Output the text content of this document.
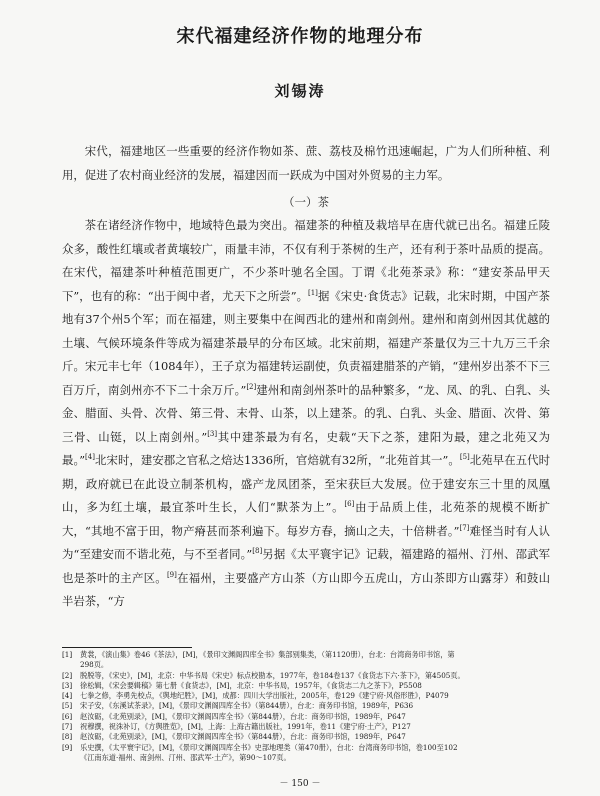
宋代福建经济作物的地理分布
刘锡涛

宋代，福建地区一些重要的经济作物如茶、蔗、荔枝及棉竹迅速崛起，广为人们所种植、利用，促进了农村商业经济的发展，福建因而一跃成为中国对外贸易的主力军。

（一）茶

茶在诸经济作物中，地域特色最为突出。福建茶的种植及栽培早在唐代就已出名。福建丘陵众多，酸性红壤或者黄壤较广，雨量丰沛，不仅有利于茶树的生产，还有利于茶叶品质的提高。在宋代，福建茶叶种植范围更广，不少茶叶驰名全国。丁谓《北苑茶录》称：“建安茶品甲天下”，也有的称：“出于闽中者，尤天下之所尝”。[1]据《宋史·食货志》记载，北宋时期，中国产茶地有37个州5个军；而在福建，则主要集中在闽西北的建州和南剑州。建州和南剑州因其优越的土壤、气候环境条件等成为福建茶最早的分布区域。北宋前期，福建产茶量仅为三十九万三千余斤。宋元丰七年（1084年），王子京为福建转运副使，负责福建腊茶的产销，“建州岁出茶不下三百万斤，南剑州亦不下二十余万斤。”[2]建州和南剑州茶叶的品种繁多，“龙、凤、的乳、白乳、头金、腊面、头骨、次骨、第三骨、末骨、山茶，以上建茶。的乳、白乳、头金、腊面、次骨、第三骨、山铤，以上南剑州。”[3]其中建茶最为有名，史载“天下之茶，建阳为最，建之北苑又为最。”[4]北宋时，建安郡之官私之焙达1336所，官焙就有32所，“北苑首其一”。[5]北苑早在五代时期，政府就已在此设立制茶机构，盛产龙凤团茶，至宋获巨大发展。位于建安东三十里的凤凰山，多为红土壤，最宜茶叶生长，人们“默茶为上”。[6]由于品质上佳，北苑茶的规模不断扩大，“其地不富于田，物产瘠甚而茶利遍下。每岁方春，摘山之夫，十倍耕者。”[7]难怪当时有人认为“至建安而不谐北苑，与不至者同。”[8]另据《太平寰宇记》记载，福建路的福州、汀州、邵武军也是茶叶的主产区。[9]在福州，主要盛产方山茶（方山即今五虎山，方山茶即方山露芽）和鼓山半岩茶，“方

[1] 黄裳，《演山集》卷46《茶法》，[M]，《景印文渊阁四库全书》集部别集类，（第1120册），台北：台湾商务印书馆，第
298页。
[2] 脱脱等，《宋史》，[M]，北京：中华书局《宋史》标点校勘本，1977年，卷184卷137《食货志下六·茶下》，第4505页。
[3] 徐松辑，《宋会要辑稿》第七册《食货志》，[M]，北京：中华书局，1957年，《食货志二九之茶下》，P5508
[4] 七拳之修，李勇先校点，《舆地纪胜》，[M]，成都：四川大学出版社，2005年，卷129《建宁府·风俗形胜》，P4079
[5] 宋子安，《东溪试茶录》，[M]，《景印文渊阁四库全书》（第844册），台北：商务印书馆，1989年，P636
[6] 赵汝砺，《北苑别录》，[M]，《景印文渊阁四库全书》（第844册），台北：商务印书馆，1989年，P647
[7] 祝穆撰，祝洙补订，《方舆胜览》，[M]，上海：上海古籍出版社，1991年，卷11《建宁府·土产》，P127
[8] 赵汝砺，《北苑别录》，[M]，《景印文渊阁四库全书》（第844册），台北：商务印书馆，1989年，P647
[9] 乐史撰，《太平寰宇记》，[M]，《景印文渊阁四库全书》史部地理类（第470册），台北：台湾商务印书馆，卷100至102
《江南东道·福州、南剑州、汀州、邵武军·土产》，第90～107页。
－ 150 －
